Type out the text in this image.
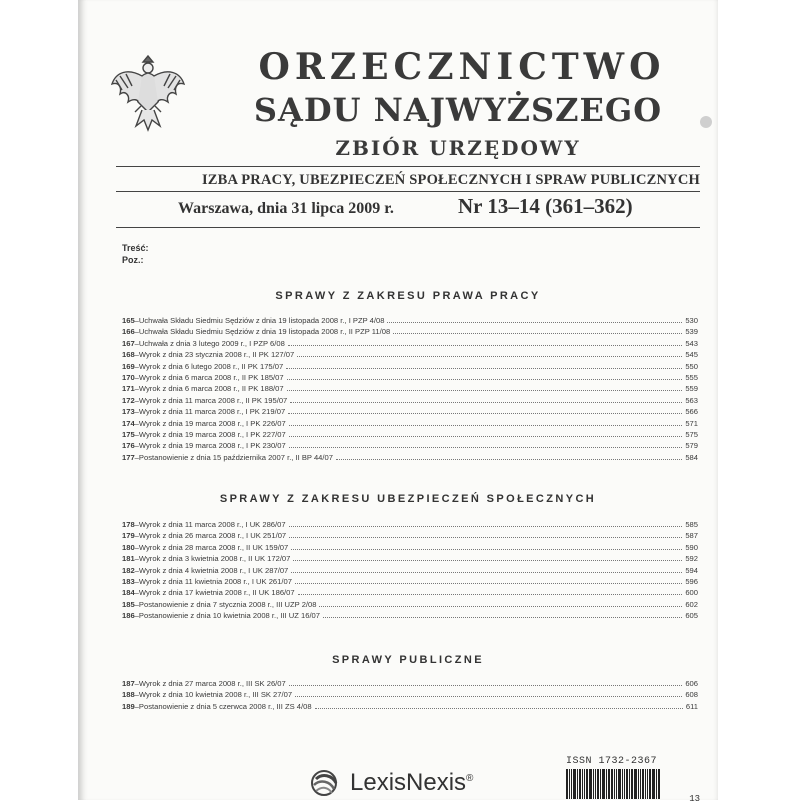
ORZECZNICTWO
SĄDU NAJWYŻSZEGO
ZBIÓR URZĘDOWY
IZBA PRACY, UBEZPIECZEŃ SPOŁECZNYCH I SPRAW PUBLICZNYCH
Warszawa, dnia 31 lipca 2009 r.	Nr 13–14 (361–362)
Treść:
Poz.:
SPRAWY Z ZAKRESU PRAWA PRACY
165 – Uchwała Składu Siedmiu Sędziów z dnia 19 listopada 2008 r., I PZP 4/08	530
166 – Uchwała Składu Siedmiu Sędziów z dnia 19 listopada 2008 r., II PZP 11/08	539
167 – Uchwała z dnia 3 lutego 2009 r., I PZP 6/08	543
168 – Wyrok z dnia 23 stycznia 2008 r., II PK 127/07	545
169 – Wyrok z dnia 6 lutego 2008 r., II PK 175/07	550
170 – Wyrok z dnia 6 marca 2008 r., II PK 185/07	555
171 – Wyrok z dnia 6 marca 2008 r., II PK 188/07	559
172 – Wyrok z dnia 11 marca 2008 r., II PK 195/07	563
173 – Wyrok z dnia 11 marca 2008 r., I PK 219/07	566
174 – Wyrok z dnia 19 marca 2008 r., I PK 226/07	571
175 – Wyrok z dnia 19 marca 2008 r., I PK 227/07	575
176 – Wyrok z dnia 19 marca 2008 r., I PK 230/07	579
177 – Postanowienie z dnia 15 października 2007 r., II BP 44/07	584
SPRAWY Z ZAKRESU UBEZPIECZEŃ SPOŁECZNYCH
178 – Wyrok z dnia 11 marca 2008 r., I UK 286/07	585
179 – Wyrok z dnia 26 marca 2008 r., I UK 251/07	587
180 – Wyrok z dnia 28 marca 2008 r., II UK 159/07	590
181 – Wyrok z dnia 3 kwietnia 2008 r., II UK 172/07	592
182 – Wyrok z dnia 4 kwietnia 2008 r., I UK 287/07	594
183 – Wyrok z dnia 11 kwietnia 2008 r., I UK 261/07	596
184 – Wyrok z dnia 17 kwietnia 2008 r., II UK 186/07	600
185 – Postanowienie z dnia 7 stycznia 2008 r., III UZP 2/08	602
186 – Postanowienie z dnia 10 kwietnia 2008 r., III UZ 16/07	605
SPRAWY PUBLICZNE
187 – Wyrok z dnia 27 marca 2008 r., III SK 26/07	606
188 – Wyrok z dnia 10 kwietnia 2008 r., III SK 27/07	608
189 – Postanowienie z dnia 5 czerwca 2008 r., III ZS 4/08	611
ISSN 1732-2367
13
LexisNexis®
